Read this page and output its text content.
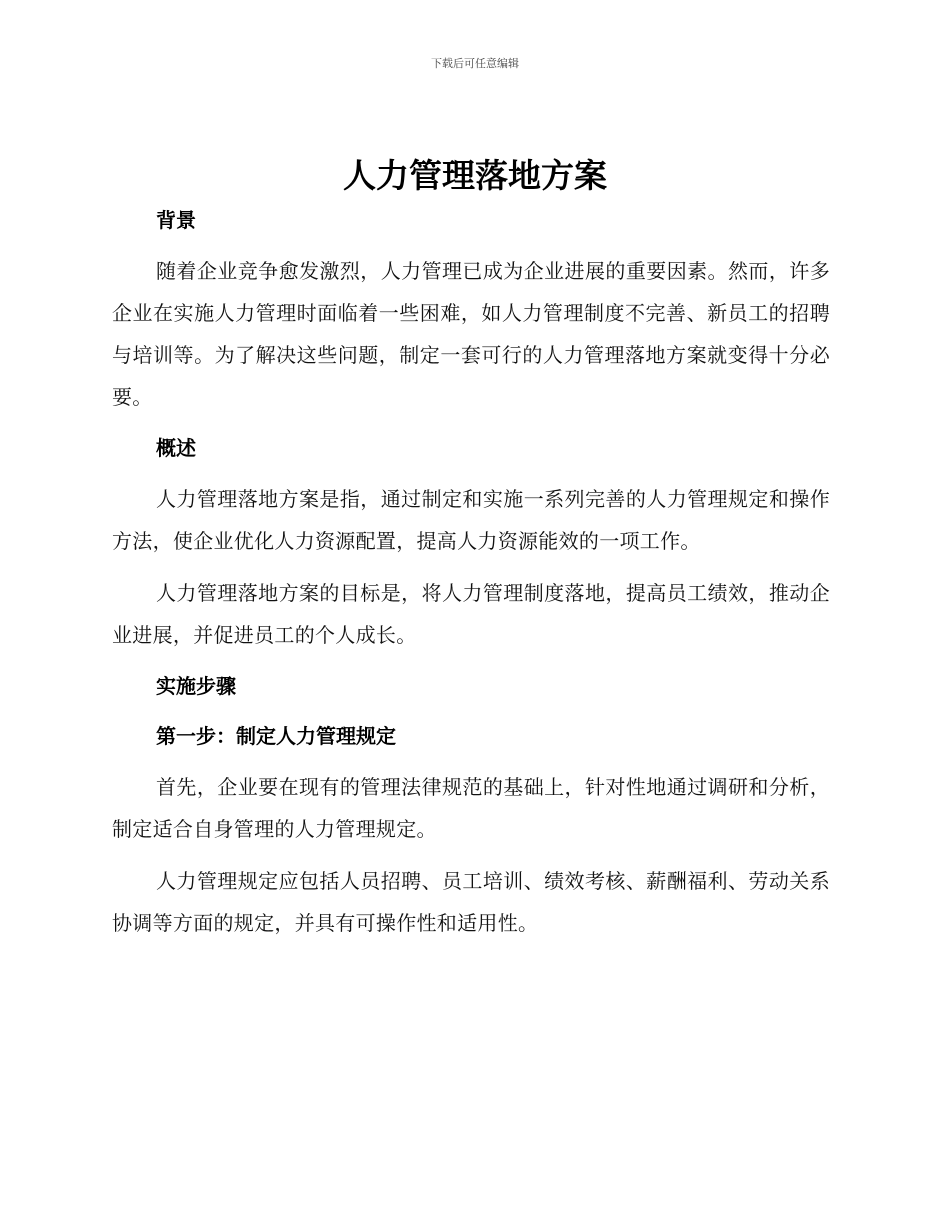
下载后可任意编辑
人力管理落地方案
背景

随着企业竞争愈发激烈，人力管理已成为企业进展的重要因素。然而，许多企业在实施人力管理时面临着一些困难，如人力管理制度不完善、新员工的招聘与培训等。为了解决这些问题，制定一套可行的人力管理落地方案就变得十分必要。

概述

人力管理落地方案是指，通过制定和实施一系列完善的人力管理规定和操作方法，使企业优化人力资源配置，提高人力资源能效的一项工作。

人力管理落地方案的目标是，将人力管理制度落地，提高员工绩效，推动企业进展，并促进员工的个人成长。

实施步骤
第一步：制定人力管理规定

首先，企业要在现有的管理法律规范的基础上，针对性地通过调研和分析，制定适合自身管理的人力管理规定。

人力管理规定应包括人员招聘、员工培训、绩效考核、薪酬福利、劳动关系协调等方面的规定，并具有可操作性和适用性。
